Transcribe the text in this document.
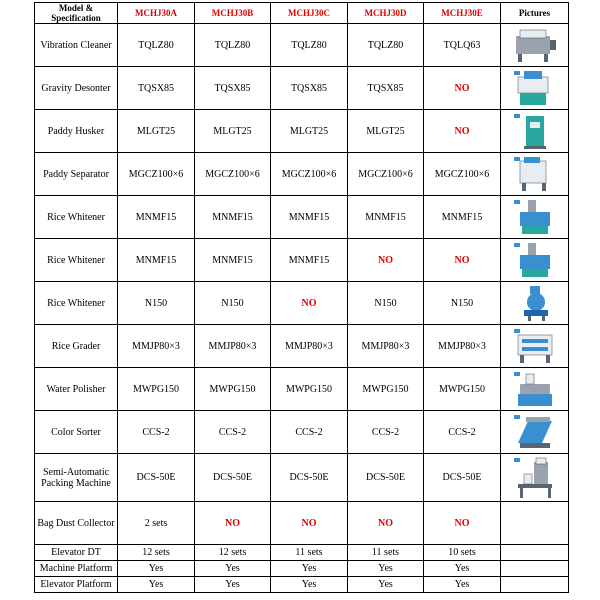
Model & Specification	MCHJ30A	MCHJ30B	MCHJ30C	MCHJ30D	MCHJ30E	Pictures
Vibration Cleaner	TQLZ80	TQLZ80	TQLZ80	TQLZ80	TQLQ63	

Gravity Desonter	TQSX85	TQSX85	TQSX85	TQSX85	NO	

Paddy Husker	MLGT25	MLGT25	MLGT25	MLGT25	NO	

Paddy Separator	MGCZ100×6	MGCZ100×6	MGCZ100×6	MGCZ100×6	MGCZ100×6	

Rice Whitener	MNMF15	MNMF15	MNMF15	MNMF15	MNMF15	

Rice Whitener	MNMF15	MNMF15	MNMF15	NO	NO	

Rice Whitener	N150	N150	NO	N150	N150	

Rice Grader	MMJP80×3	MMJP80×3	MMJP80×3	MMJP80×3	MMJP80×3	

Water Polisher	MWPG150	MWPG150	MWPG150	MWPG150	MWPG150	

Color Sorter	CCS-2	CCS-2	CCS-2	CCS-2	CCS-2	

Semi-Automatic Packing Machine	DCS-50E	DCS-50E	DCS-50E	DCS-50E	DCS-50E	

Bag Dust Collector	2 sets	NO	NO	NO	NO	
Elevator DT	12 sets	12 sets	11 sets	11 sets	10 sets	
Machine Platform	Yes	Yes	Yes	Yes	Yes	
Elevator Platform	Yes	Yes	Yes	Yes	Yes	
